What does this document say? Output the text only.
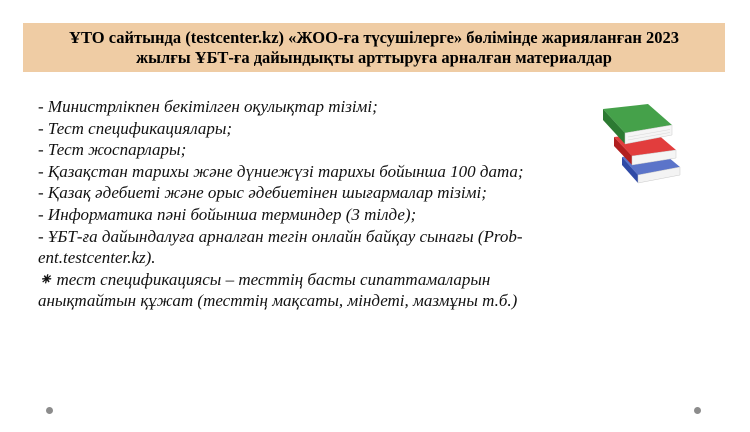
ҰТО сайтында (testcenter.kz) «ЖОО-ға түсушілерге» бөлімінде жарияланған 2023
жылғы ҰБТ-ға дайындықты арттыруға арналған материалдар
- Министрлікпен бекітілген оқулықтар тізімі;
- Тест спецификациялары;
- Тест жоспарлары;
- Қазақстан тарихы және дүниежүзі тарихы бойынша 100 дата;
- Қазақ әдебиеті және орыс әдебиетінен шығармалар тізімі;
- Информатика пәні бойынша терминдер (3 тілде);
- ҰБТ-ға дайындалуға арналған тегін онлайн байқау сынағы (Prob-
ent.testcenter.kz).
⁕ тест спецификациясы – тесттің басты сипаттамаларын
анықтайтын құжат (тесттің мақсаты, міндеті, мазмұны т.б.)
